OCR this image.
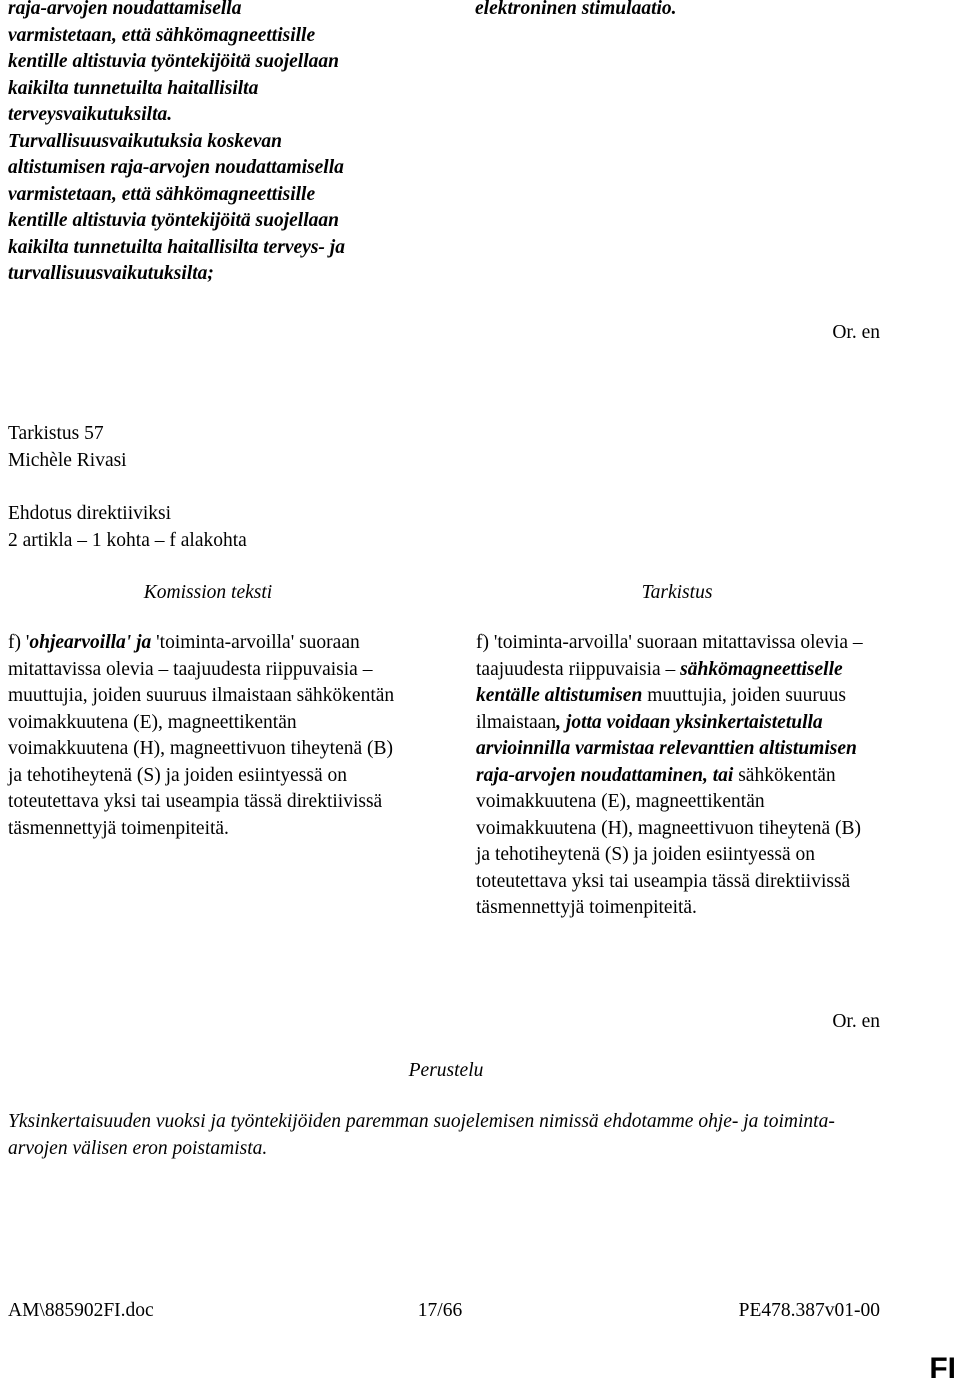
raja-arvojen noudattamisella
varmistetaan, että sähkömagneettisille
kentille altistuvia työntekijöitä suojellaan
kaikilta tunnetuilta haitallisilta
terveysvaikutuksilta.
Turvallisuusvaikutuksia koskevan
altistumisen raja-arvojen noudattamisella
varmistetaan, että sähkömagneettisille
kentille altistuvia työntekijöitä suojellaan
kaikilta tunnetuilta haitallisilta terveys- ja
turvallisuusvaikutuksilta;
elektroninen stimulaatio.
Or. en
Tarkistus 57
Michèle Rivasi
Ehdotus direktiiviksi
2 artikla – 1 kohta – f alakohta
Komission teksti	Tarkistus

f) 'ohjearvoilla' ja 'toiminta-arvoilla' suoraan mitattavissa olevia – taajuudesta riippuvaisia – muuttujia, joiden suuruus ilmaistaan sähkökentän voimakkuutena (E), magneettikentän voimakkuutena (H), magneettivuon tiheytenä (B) ja tehotiheytenä (S) ja joiden esiintyessä on toteutettava yksi tai useampia tässä direktiivissä täsmennettyjä toimenpiteitä.

f) 'toiminta-arvoilla' suoraan mitattavissa olevia – taajuudesta riippuvaisia – sähkömagneettiselle kentälle altistumisen muuttujia, joiden suuruus ilmaistaan, jotta voidaan yksinkertaistetulla arvioinnilla varmistaa relevanttien altistumisen raja-arvojen noudattaminen, tai sähkökentän voimakkuutena (E), magneettikentän voimakkuutena (H), magneettivuon tiheytenä (B) ja tehotiheytenä (S) ja joiden esiintyessä on toteutettava yksi tai useampia tässä direktiivissä täsmennettyjä toimenpiteitä.

Or. en
Perustelu
Yksinkertaisuuden vuoksi ja työntekijöiden paremman suojelemisen nimissä ehdotamme ohje- ja toiminta-arvojen välisen eron poistamista.
AM\885902FI.doc	17/66	PE478.387v01-00
FI
